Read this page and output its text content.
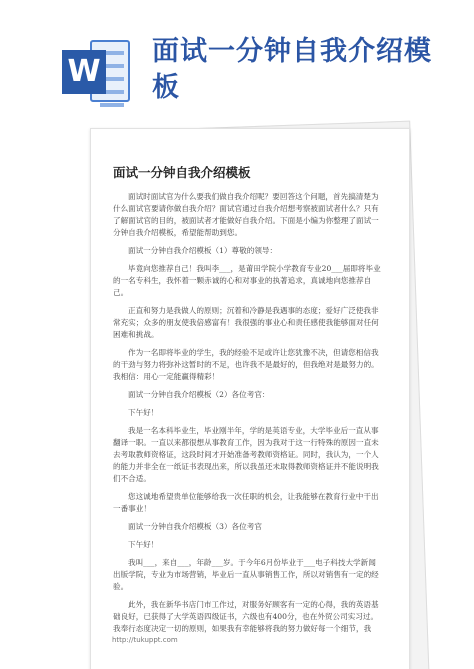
W
面试一分钟自我介绍模板
面试一分钟自我介绍模板

面试时面试官为什么要我们做自我介绍呢？要回答这个问题，首先搞清楚为什么面试官要请你做自我介绍？面试官通过自我介绍想考察被面试者什么？只有了解面试官的目的，被面试者才能做好自我介绍。下面是小编为你整理了面试一分钟自我介绍模板，希望能帮助到您。

面试一分钟自我介绍模板（1）尊敬的领导：

毕竟向您推荐自己！我叫李___，是莆田学院小学教育专业20___届即将毕业的一名专科生，我怀着一颗赤诚的心和对事业的执著追求，真诚地向您推荐自己。

正直和努力是我做人的原则；沉着和冷静是我遇事的态度；爱好广泛使我非常充实；众多的朋友使我倍感富有！我很强的事业心和责任感使我能够面对任何困难和挑战。

作为一名即将毕业的学生，我的经验不足或许让您犹豫不决，但请您相信我的干劲与努力将弥补这暂时的不足，也许我不是最好的，但我绝对是最努力的。我相信：用心一定能赢得精彩！

面试一分钟自我介绍模板（2）各位考官：

下午好！

我是一名本科毕业生，毕业刚半年，学的是英语专业，大学毕业后一直从事翻译一职。一直以来都很想从事教育工作，因为我对于这一行特殊的原因一直未去考取教师资格证，这段时间才开始准备考教师资格证。同时，我认为，一个人的能力并非全在一纸证书表现出来，所以我虽还未取得教师资格证并不能说明我们不合适。

您这诚地希望贵单位能够给我一次任职的机会，让我能够在教育行业中干出一番事业！

面试一分钟自我介绍模板（3）各位考官

下午好！

我叫___，来自___，年龄___岁。于今年6月份毕业于___电子科技大学新闻出版学院，专业为市场营销，毕业后一直从事销售工作，所以对销售有一定的经验。

此外，我在新华书店门市工作过，对服务好顾客有一定的心得，我的英语基础良好，已获得了大学英语四级证书，六级也有400分，也在外贸公司实习过。我奉行态度决定一切的原则，如果我有幸能够将我的努力做好每一个细节，我

http://tukuppt.com
